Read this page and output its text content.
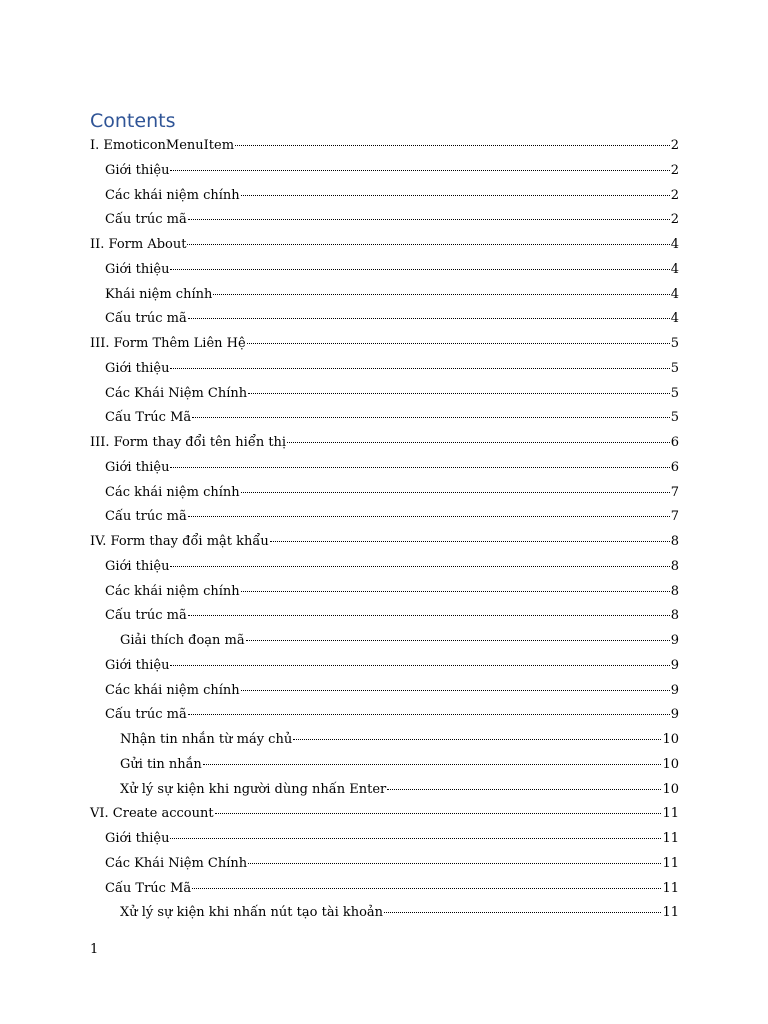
Contents
I. EmoticonMenuItem	2
Giới thiệu	2
Các khái niệm chính	2
Cấu trúc mã	2
II. Form About	4
Giới thiệu	4
Khái niệm chính	4
Cấu trúc mã	4
III. Form Thêm Liên Hệ	5
Giới thiệu	5
Các Khái Niệm Chính	5
Cấu Trúc Mã	5
III. Form thay đổi tên hiển thị	6
Giới thiệu	6
Các khái niệm chính	7
Cấu trúc mã	7
IV. Form thay đổi mật khẩu	8
Giới thiệu	8
Các khái niệm chính	8
Cấu trúc mã	8
Giải thích đoạn mã	9
Giới thiệu	9
Các khái niệm chính	9
Cấu trúc mã	9
Nhận tin nhắn từ máy chủ	10
Gửi tin nhắn	10
Xử lý sự kiện khi người dùng nhấn Enter	10
VI. Create account	11
Giới thiệu	11
Các Khái Niệm Chính	11
Cấu Trúc Mã	11
Xử lý sự kiện khi nhấn nút tạo tài khoản	11
1
